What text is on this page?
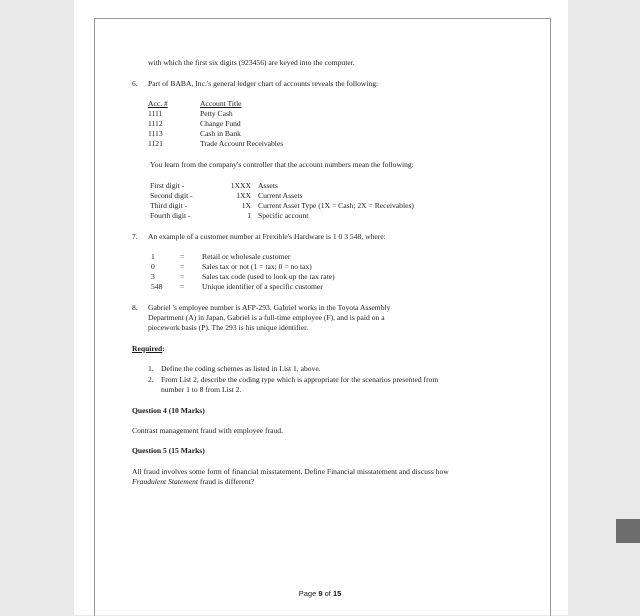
with which the first six digits (923456) are keyed into the computer.
6. Part of BABA, Inc.'s general ledger chart of accounts reveals the following:
Acc. #	Account Title
1111	Petty Cash
1112	Change Fund
1113	Cash in Bank
1121	Trade Account Receivables
You learn from the company's controller that the account numbers mean the following:
First digit -	1XXX Assets
Second digit -	1XX Current Assets
Third digit -	1X Current Asset Type (1X = Cash; 2X = Receivables)
Fourth digit -	1 Specific account
7. An example of a customer number at Frexible's Hardware is 1 0 3 548, where:
1	= Retail or wholesale customer
0	= Sales tax or not (1 = tax; 0 = no tax)
3	= Sales tax code (used to look up the tax rate)
548 = Unique identifier of a specific customer
8. Gabriel 's employee number is AFP-293. Gabriel works in the Toyota Assembly
Department (A) in Japan, Gabriel is a full-time employee (F), and is paid on a
piecework basis (P). The 293 is his unique identifier.
Required:
1. Define the coding schemes as listed in List 1, above.
2. From List 2, describe the coding type which is appropriate for the scenarios presented from
number 1 to 8 from List 2.
Question 4 (10 Marks)
Contrast management fraud with employee fraud.
Question 5 (15 Marks)
All fraud involves some form of financial misstatement, Define Financial misstatement and discuss how
Fraudulent Statement fraud is different?
Page 9 of 15
